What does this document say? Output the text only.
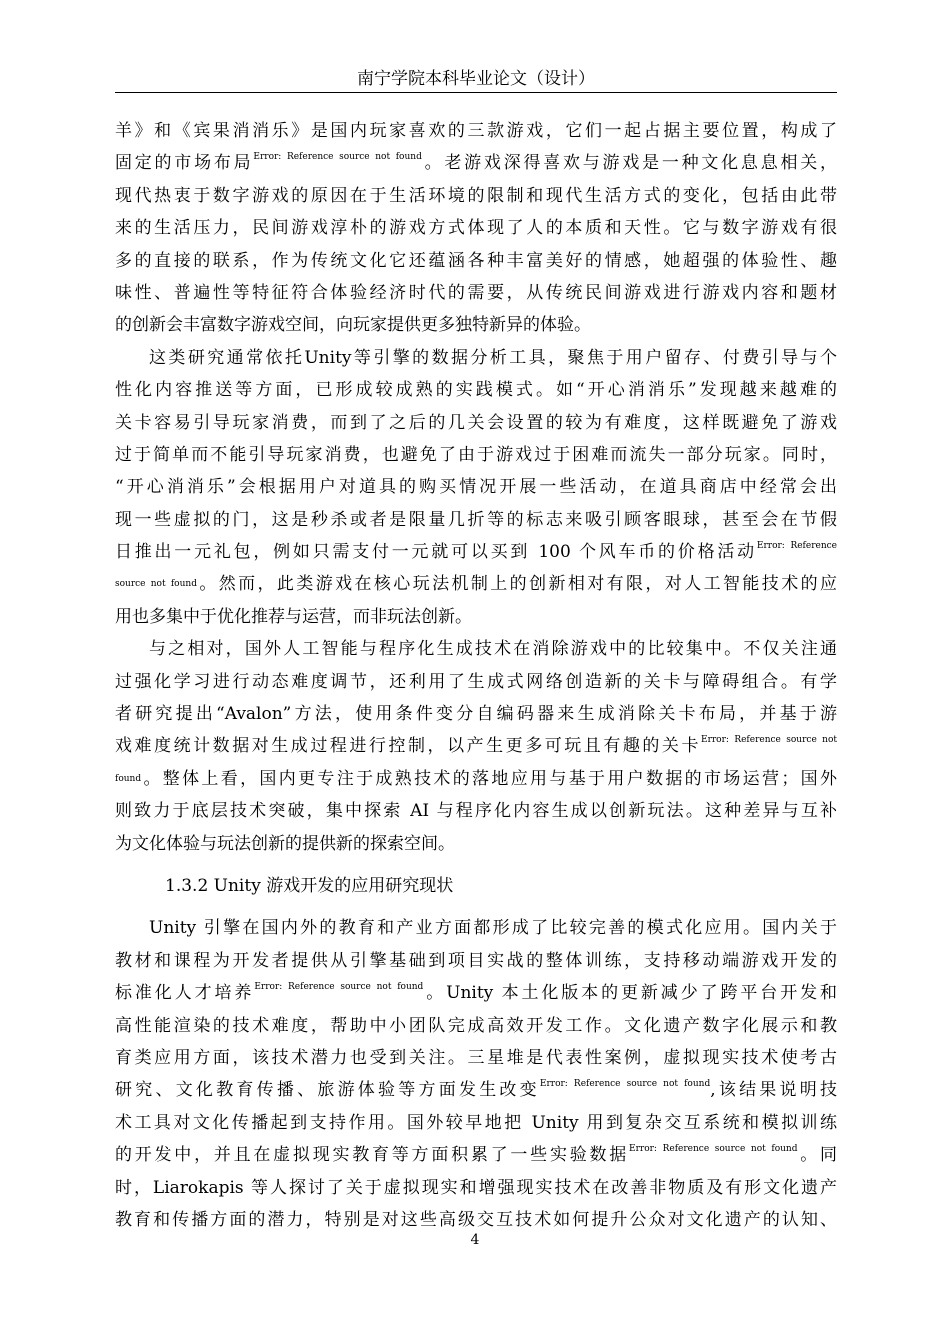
南宁学院本科毕业论文（设计）
羊》和《宾果消消乐》是国内玩家喜欢的三款游戏，它们一起占据主要位置，构成了
固定的市场布局$^{Error: Reference source not found}$。老游戏深得喜欢与游戏是一种文化息息相关，
现代热衷于数字游戏的原因在于生活环境的限制和现代生活方式的变化，包括由此带
来的生活压力，民间游戏淳朴的游戏方式体现了人的本质和天性。它与数字游戏有很
多的直接的联系，作为传统文化它还蕴涵各种丰富美好的情感，她超强的体验性、趣
味性、普遍性等特征符合体验经济时代的需要，从传统民间游戏进行游戏内容和题材
的创新会丰富数字游戏空间，向玩家提供更多独特新异的体验。
这类研究通常依托Unity等引擎的数据分析工具，聚焦于用户留存、付费引导与个
性化内容推送等方面，已形成较成熟的实践模式。如“开心消消乐”发现越来越难的
关卡容易引导玩家消费，而到了之后的几关会设置的较为有难度，这样既避免了游戏
过于简单而不能引导玩家消费，也避免了由于游戏过于困难而流失一部分玩家。同时，
“开心消消乐”会根据用户对道具的购买情况开展一些活动，在道具商店中经常会出
现一些虚拟的门，这是秒杀或者是限量几折等的标志来吸引顾客眼球，甚至会在节假
日推出一元礼包，例如只需支付一元就可以买到 100 个风车币的价格活动$^{Error: Reference}$
source not found。然而，此类游戏在核心玩法机制上的创新相对有限，对人工智能技术的应
用也多集中于优化推荐与运营，而非玩法创新。
与之相对，国外人工智能与程序化生成技术在消除游戏中的比较集中。不仅关注通
过强化学习进行动态难度调节，还利用了生成式网络创造新的关卡与障碍组合。有学
者研究提出“Avalon”方法，使用条件变分自编码器来生成消除关卡布局，并基于游
戏难度统计数据对生成过程进行控制，以产生更多可玩且有趣的关卡$^{Error: Reference source not}$
found。整体上看，国内更专注于成熟技术的落地应用与基于用户数据的市场运营；国外
则致力于底层技术突破，集中探索 AI 与程序化内容生成以创新玩法。这种差异与互补
为文化体验与玩法创新的提供新的探索空间。
1.3.2 Unity 游戏开发的应用研究现状
Unity 引擎在国内外的教育和产业方面都形成了比较完善的模式化应用。国内关于
教材和课程为开发者提供从引擎基础到项目实战的整体训练，支持移动端游戏开发的
标准化人才培养$^{Error: Reference source not found}$。Unity 本土化版本的更新减少了跨平台开发和
高性能渲染的技术难度，帮助中小团队完成高效开发工作。文化遗产数字化展示和教
育类应用方面，该技术潜力也受到关注。三星堆是代表性案例，虚拟现实技术使考古
研究、文化教育传播、旅游体验等方面发生改变$^{Error: Reference source not found}$,该结果说明技
术工具对文化传播起到支持作用。国外较早地把 Unity 用到复杂交互系统和模拟训练
的开发中，并且在虚拟现实教育等方面积累了一些实验数据$^{Error: Reference source not found}$。同
时，Liarokapis 等人探讨了关于虚拟现实和增强现实技术在改善非物质及有形文化遗产
教育和传播方面的潜力，特别是对这些高级交互技术如何提升公众对文化遗产的认知、
4
